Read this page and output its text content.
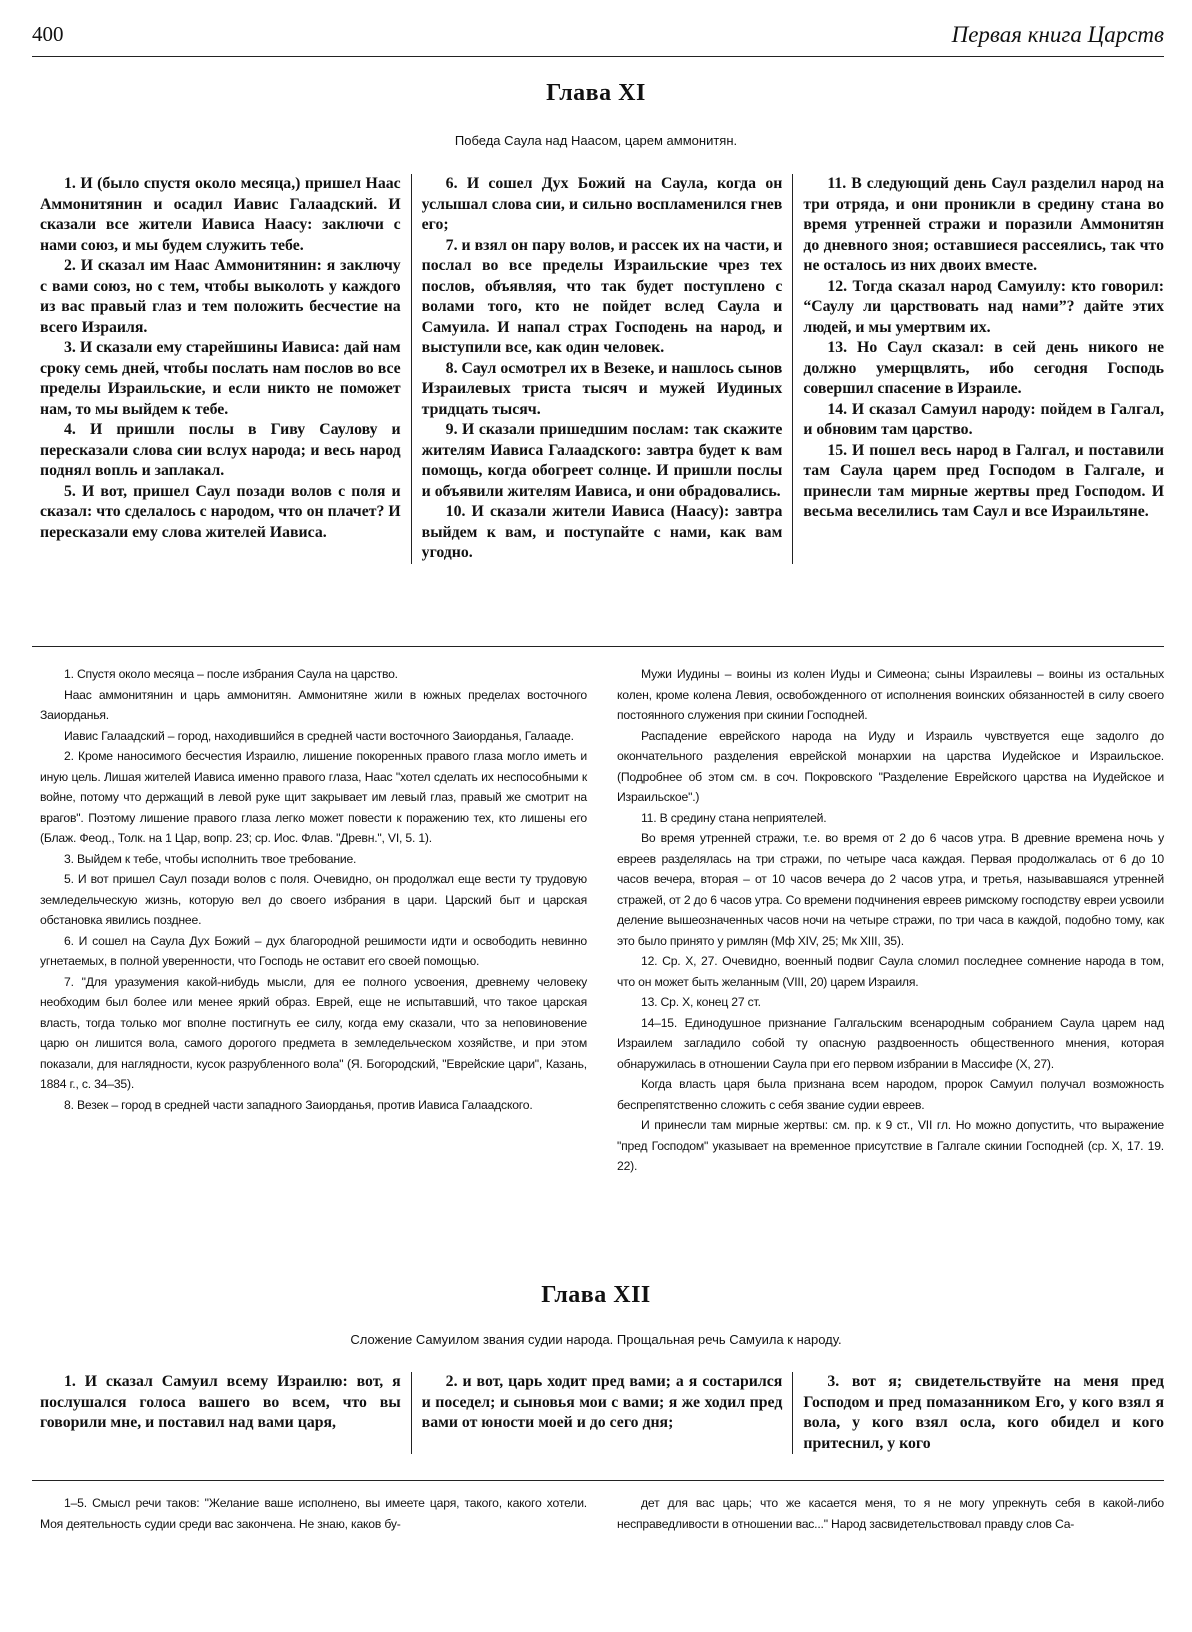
400	Первая книга Царств
Глава XI
Победа Саула над Наасом, царем аммонитян.

1. И (было спустя около месяца,) пришел Наас Аммонитянин и осадил Иавис Галаадский. И сказали все жители Иависа Наасу: заключи с нами союз, и мы будем служить тебе.

2. И сказал им Наас Аммонитянин: я заключу с вами союз, но с тем, чтобы выколоть у каждого из вас правый глаз и тем положить бесчестие на всего Израиля.

3. И сказали ему старейшины Иависа: дай нам сроку семь дней, чтобы послать нам послов во все пределы Израильские, и если никто не поможет нам, то мы выйдем к тебе.

4. И пришли послы в Гиву Саулову и пересказали слова сии вслух народа; и весь народ поднял вопль и заплакал.

5. И вот, пришел Саул позади волов с поля и сказал: что сделалось с народом, что он плачет? И пересказали ему слова жителей Иависа.

6. И сошел Дух Божий на Саула, когда он услышал слова сии, и сильно воспламенился гнев его;

7. и взял он пару волов, и рассек их на части, и послал во все пределы Израильские чрез тех послов, объявляя, что так будет поступлено с волами того, кто не пойдет вслед Саула и Самуила. И напал страх Господень на народ, и выступили все, как один человек.

8. Саул осмотрел их в Везеке, и нашлось сынов Израилевых триста тысяч и мужей Иудиных тридцать тысяч.

9. И сказали пришедшим послам: так скажите жителям Иависа Галаадского: завтра будет к вам помощь, когда обогреет солнце. И пришли послы и объявили жителям Иависа, и они обрадовались.

10. И сказали жители Иависа (Наасу): завтра выйдем к вам, и поступайте с нами, как вам угодно.

11. В следующий день Саул разделил народ на три отряда, и они проникли в средину стана во время утренней стражи и поразили Аммонитян до дневного зноя; оставшиеся рассеялись, так что не осталось из них двоих вместе.

12. Тогда сказал народ Самуилу: кто говорил: “Саулу ли царствовать над нами”? дайте этих людей, и мы умертвим их.

13. Но Саул сказал: в сей день никого не должно умерщвлять, ибо сегодня Господь совершил спасение в Израиле.

14. И сказал Самуил народу: пойдем в Галгал, и обновим там царство.

15. И пошел весь народ в Галгал, и поставили там Саула царем пред Господом в Галгале, и принесли там мирные жертвы пред Господом. И весьма веселились там Саул и все Израильтяне.

1. Спустя около месяца – после избрания Саула на царство.

Наас аммонитянин и царь аммонитян. Аммонитяне жили в южных пределах восточного Заиорданья.

Иавис Галаадский – город, находившийся в средней части восточного Заиорданья, Галааде.

2. Кроме наносимого бесчестия Израилю, лишение покоренных правого глаза могло иметь и иную цель. Лишая жителей Иависа именно правого глаза, Наас "хотел сделать их неспособными к войне, потому что держащий в левой руке щит закрывает им левый глаз, правый же смотрит на врагов". Поэтому лишение правого глаза легко может повести к поражению тех, кто лишены его (Блаж. Феод., Толк. на 1 Цар, вопр. 23; ср. Иос. Флав. "Древн.", VI, 5. 1).

3. Выйдем к тебе, чтобы исполнить твое требование.

5. И вот пришел Саул позади волов с поля. Очевидно, он продолжал еще вести ту трудовую земледельческую жизнь, которую вел до своего избрания в цари. Царский быт и царская обстановка явились позднее.

6. И сошел на Саула Дух Божий – дух благородной решимости идти и освободить невинно угнетаемых, в полной уверенности, что Господь не оставит его своей помощью.

7. "Для уразумения какой-нибудь мысли, для ее полного усвоения, древнему человеку необходим был более или менее яркий образ. Еврей, еще не испытавший, что такое царская власть, тогда только мог вполне постигнуть ее силу, когда ему сказали, что за неповиновение царю он лишится вола, самого дорогого предмета в земледельческом хозяйстве, и при этом показали, для наглядности, кусок разрубленного вола" (Я. Богородский, "Еврейские цари", Казань, 1884 г., с. 34–35).

8. Везек – город в средней части западного Заиорданья, против Иависа Галаадского.

Мужи Иудины – воины из колен Иуды и Симеона; сыны Израилевы – воины из остальных колен, кроме колена Левия, освобожденного от исполнения воинских обязанностей в силу своего постоянного служения при скинии Господней.

Распадение еврейского народа на Иуду и Израиль чувствуется еще задолго до окончательного разделения еврейской монархии на царства Иудейское и Израильское. (Подробнее об этом см. в соч. Покровского "Разделение Еврейского царства на Иудейское и Израильское".)

11. В средину стана неприятелей.

Во время утренней стражи, т.е. во время от 2 до 6 часов утра. В древние времена ночь у евреев разделялась на три стражи, по четыре часа каждая. Первая продолжалась от 6 до 10 часов вечера, вторая – от 10 часов вечера до 2 часов утра, и третья, называвшаяся утренней стражей, от 2 до 6 часов утра. Со времени подчинения евреев римскому господству евреи усвоили деление вышеозначенных часов ночи на четыре стражи, по три часа в каждой, подобно тому, как это было принято у римлян (Мф XIV, 25; Мк XIII, 35).

12. Ср. X, 27. Очевидно, военный подвиг Саула сломил последнее сомнение народа в том, что он может быть желанным (VIII, 20) царем Израиля.

13. Ср. X, конец 27 ст.

14–15. Единодушное признание Галгальским всенародным собранием Саула царем над Израилем загладило собой ту опасную раздвоенность общественного мнения, которая обнаружилась в отношении Саула при его первом избрании в Массифе (X, 27).

Когда власть царя была признана всем народом, пророк Самуил получал возможность беспрепятственно сложить с себя звание судии евреев.

И принесли там мирные жертвы: см. пр. к 9 ст., VII гл. Но можно допустить, что выражение "пред Господом" указывает на временное присутствие в Галгале скинии Господней (ср. X, 17. 19. 22).

Глава XII
Сложение Самуилом звания судии народа. Прощальная речь Самуила к народу.

1. И сказал Самуил всему Израилю: вот, я послушался голоса вашего во всем, что вы говорили мне, и поставил над вами царя,

2. и вот, царь ходит пред вами; а я состарился и поседел; и сыновья мои с вами; я же ходил пред вами от юности моей и до сего дня;

3. вот я; свидетельствуйте на меня пред Господом и пред помазанником Его, у кого взял я вола, у кого взял осла, кого обидел и кого притеснил, у кого

1–5. Смысл речи таков: "Желание ваше исполнено, вы имеете царя, такого, какого хотели. Моя деятельность судии среди вас закончена. Не знаю, каков бу-

дет для вас царь; что же касается меня, то я не могу упрекнуть себя в какой-либо несправедливости в отношении вас..." Народ засвидетельствовал правду слов Са-
